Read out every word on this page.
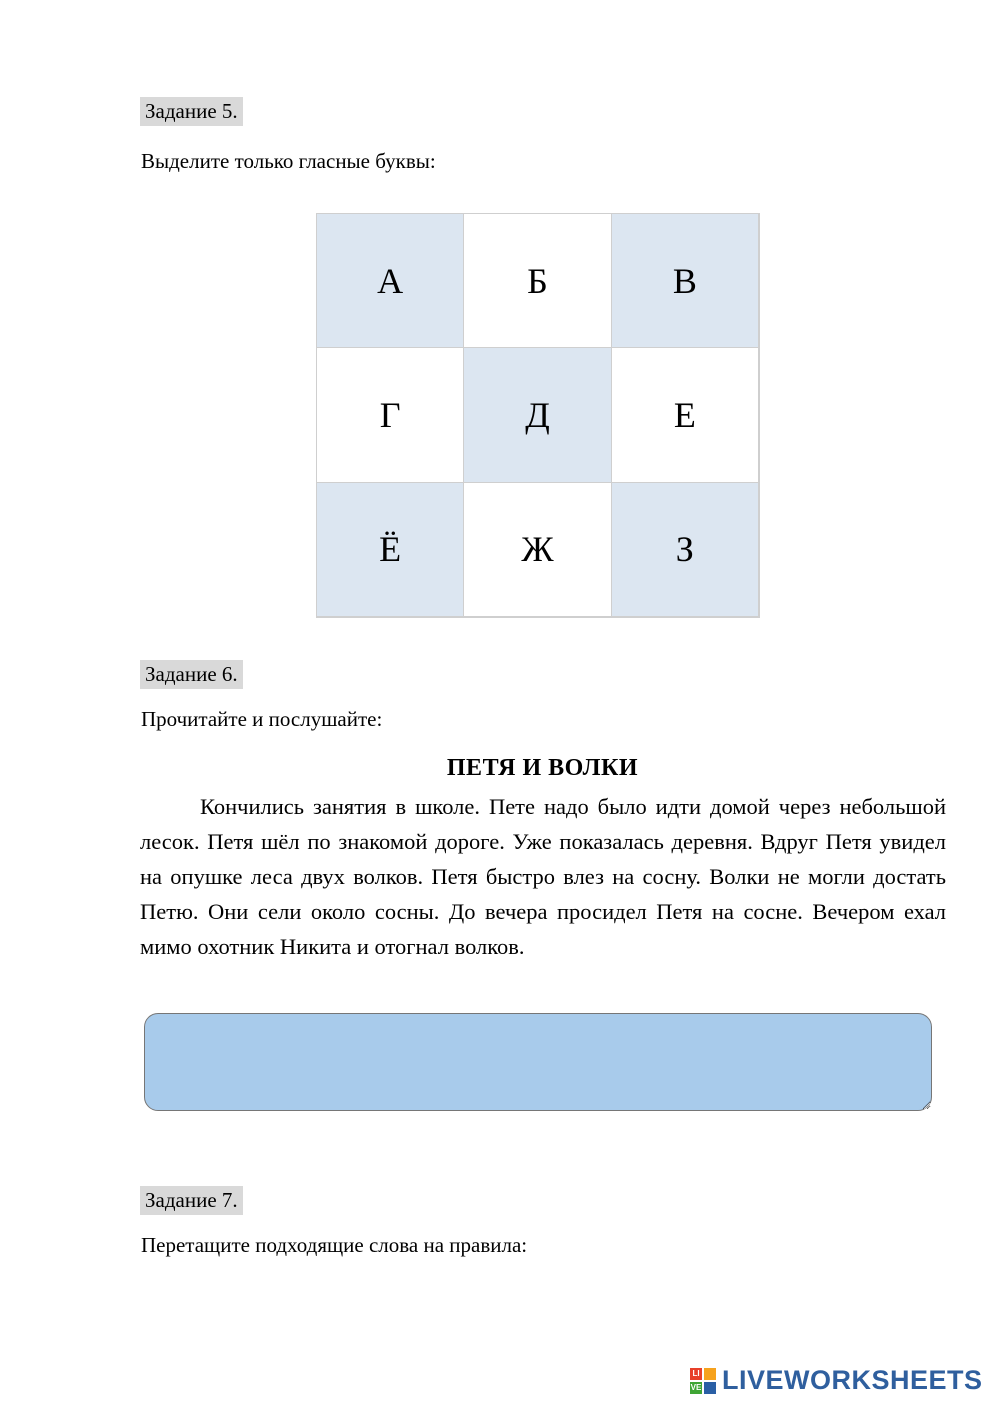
Задание 5.
Выделите только гласные буквы:
А	Б	В
Г	Д	Е
Ё	Ж	З
Задание 6.
Прочитайте и послушайте:
ПЕТЯ И ВОЛКИ
Кончились занятия в школе. Пете надо было идти домой через небольшой лесок. Петя шёл по знакомой дороге. Уже показалась деревня. Вдруг Петя увидел на опушке леса двух волков. Петя быстро влез на сосну. Волки не могли достать Петю. Они сели около сосны. До вечера просидел Петя на сосне. Вечером ехал мимо охотник Никита и отогнал волков.
Задание 7.
Перетащите подходящие слова на правила:
LI
VE LIVEWORKSHEETS
